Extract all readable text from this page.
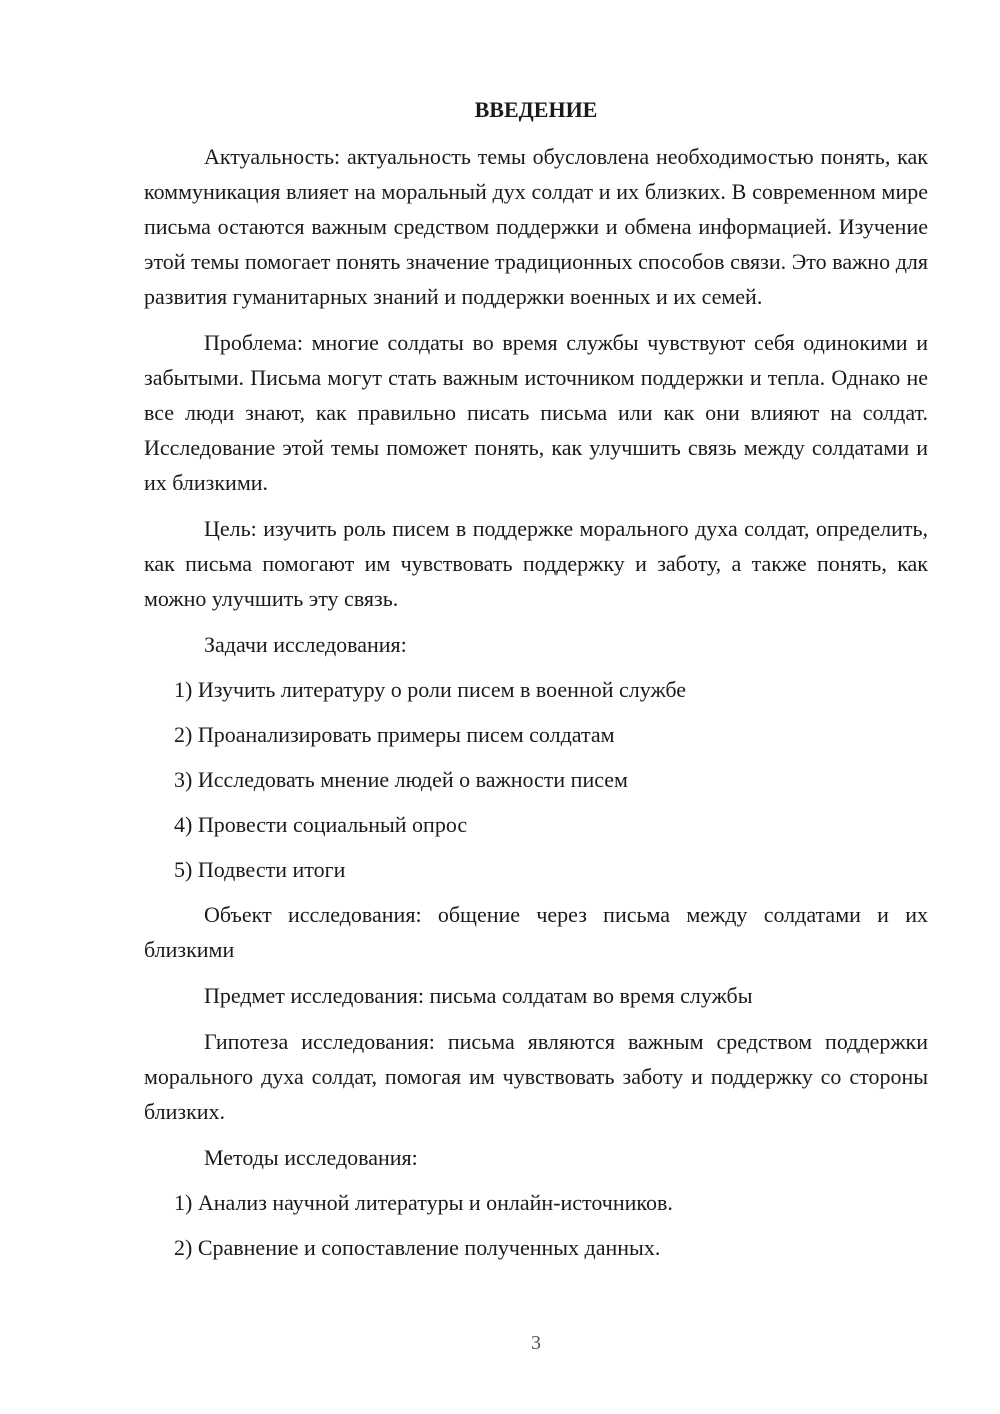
ВВЕДЕНИЕ

Актуальность: актуальность темы обусловлена необходимостью понять, как коммуникация влияет на моральный дух солдат и их близких. В современном мире письма остаются важным средством поддержки и обмена информацией. Изучение этой темы помогает понять значение традиционных способов связи. Это важно для развития гуманитарных знаний и поддержки военных и их семей.

Проблема: многие солдаты во время службы чувствуют себя одинокими и забытыми. Письма могут стать важным источником поддержки и тепла. Однако не все люди знают, как правильно писать письма или как они влияют на солдат. Исследование этой темы поможет понять, как улучшить связь между солдатами и их близкими.

Цель: изучить роль писем в поддержке морального духа солдат, определить, как письма помогают им чувствовать поддержку и заботу, а также понять, как можно улучшить эту связь.

Задачи исследования:
1) Изучить литературу о роли писем в военной службе
2) Проанализировать примеры писем солдатам
3) Исследовать мнение людей о важности писем
4) Провести социальный опрос
5) Подвести итоги

Объект исследования: общение через письма между солдатами и их близкими

Предмет исследования: письма солдатам во время службы

Гипотеза исследования: письма являются важным средством поддержки морального духа солдат, помогая им чувствовать заботу и поддержку со стороны близких.

Методы исследования:
1) Анализ научной литературы и онлайн-источников.
2) Сравнение и сопоставление полученных данных.
3
